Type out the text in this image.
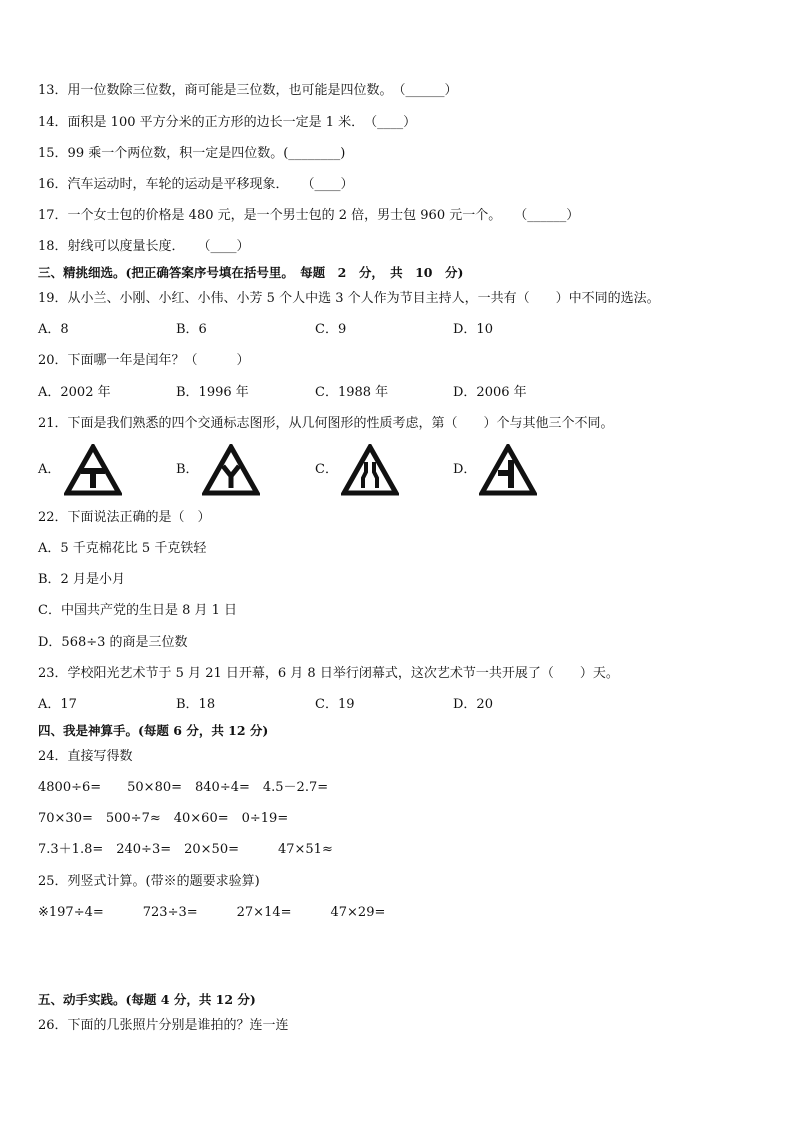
13．用一位数除三位数，商可能是三位数，也可能是四位数。　（______）
14．面积是 100 平方分米的正方形的边长一定是 1 米．　（____）
15．99 乘一个两位数，积一定是四位数。(________)
16．汽车运动时，车轮的运动是平移现象．　　（____）
17．一个女士包的价格是 480 元，是一个男士包的 2 倍，男士包 960 元一个。　　（______）
18．射线可以度量长度．　　（____）
三、精挑细选。(把正确答案序号填在括号里。　每题　2　分，　共　10　分)
19．从小兰、小刚、小红、小伟、小芳 5 个人中选 3 个人作为节目主持人，一共有（　　）中不同的选法。
A．8	B．6	C．9	D．10
20．下面哪一年是闰年？（　　　）
A．2002 年	B．1996 年	C．1988 年	D．2006 年
21．下面是我们熟悉的四个交通标志图形，从几何图形的性质考虑，第（　　）个与其他三个不同。
A．	B．	C．	D．
22．下面说法正确的是（　）
A．5 千克棉花比 5 千克铁轻
B．2 月是小月
C．中国共产党的生日是 8 月 1 日
D．568÷3 的商是三位数
23．学校阳光艺术节于 5 月 21 日开幕，6 月 8 日举行闭幕式，这次艺术节一共开展了（　　）天。
A．17	B．18	C．19	D．20
四、我是神算手。(每题 6 分，共 12 分)
24．直接写得数
4800÷6=　　50×80=　840÷4=　4.5－2.7=
70×30=　500÷7≈　40×60=　0÷19=
7.3＋1.8=　240÷3=　20×50=　　　47×51≈
25．列竖式计算。(带※的题要求验算)
※197÷4=　　　723÷3=　　　27×14=　　　47×29=
五、动手实践。(每题 4 分，共 12 分)
26．下面的几张照片分别是谁拍的？连一连
